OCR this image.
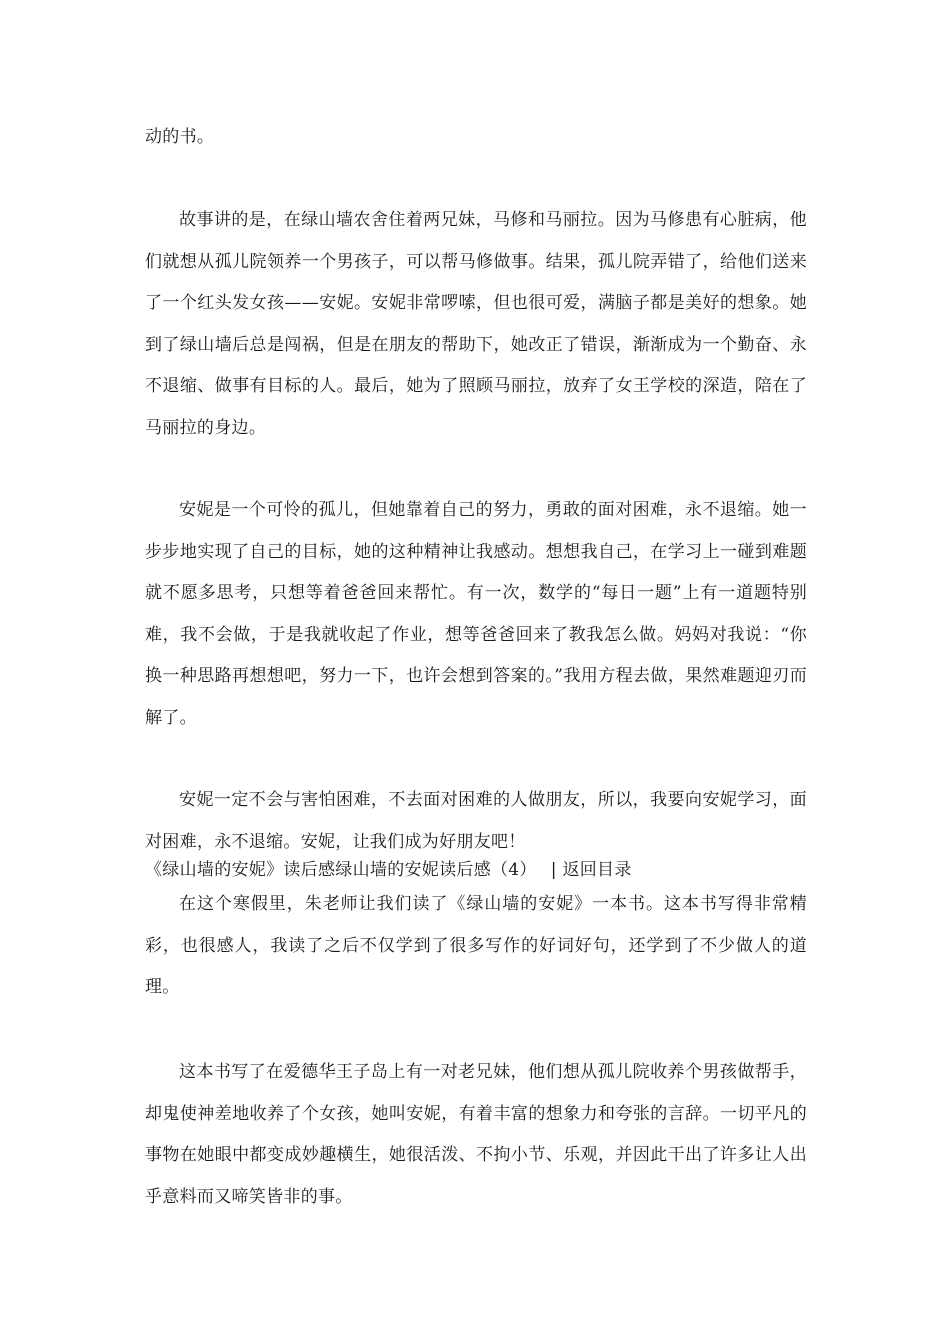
动的书。

故事讲的是，在绿山墙农舍住着两兄妹，马修和马丽拉。因为马修患有心脏病，他们就想从孤儿院领养一个男孩子，可以帮马修做事。结果，孤儿院弄错了，给他们送来了一个红头发女孩——安妮。安妮非常啰嗦，但也很可爱，满脑子都是美好的想象。她到了绿山墙后总是闯祸，但是在朋友的帮助下，她改正了错误，渐渐成为一个勤奋、永不退缩、做事有目标的人。最后，她为了照顾马丽拉，放弃了女王学校的深造，陪在了马丽拉的身边。

安妮是一个可怜的孤儿，但她靠着自己的努力，勇敢的面对困难，永不退缩。她一步步地实现了自己的目标，她的这种精神让我感动。想想我自己，在学习上一碰到难题就不愿多思考，只想等着爸爸回来帮忙。有一次，数学的“每日一题”上有一道题特别难，我不会做，于是我就收起了作业，想等爸爸回来了教我怎么做。妈妈对我说：“你换一种思路再想想吧，努力一下，也许会想到答案的。”我用方程去做，果然难题迎刃而解了。

安妮一定不会与害怕困难，不去面对困难的人做朋友，所以，我要向安妮学习，面对困难，永不退缩。安妮，让我们成为好朋友吧！

《绿山墙的安妮》读后感绿山墙的安妮读后感（4） | 返回目录

在这个寒假里，朱老师让我们读了《绿山墙的安妮》一本书。这本书写得非常精彩，也很感人，我读了之后不仅学到了很多写作的好词好句，还学到了不少做人的道理。

这本书写了在爱德华王子岛上有一对老兄妹，他们想从孤儿院收养个男孩做帮手，却鬼使神差地收养了个女孩，她叫安妮，有着丰富的想象力和夸张的言辞。一切平凡的事物在她眼中都变成妙趣横生，她很活泼、不拘小节、乐观，并因此干出了许多让人出乎意料而又啼笑皆非的事。
